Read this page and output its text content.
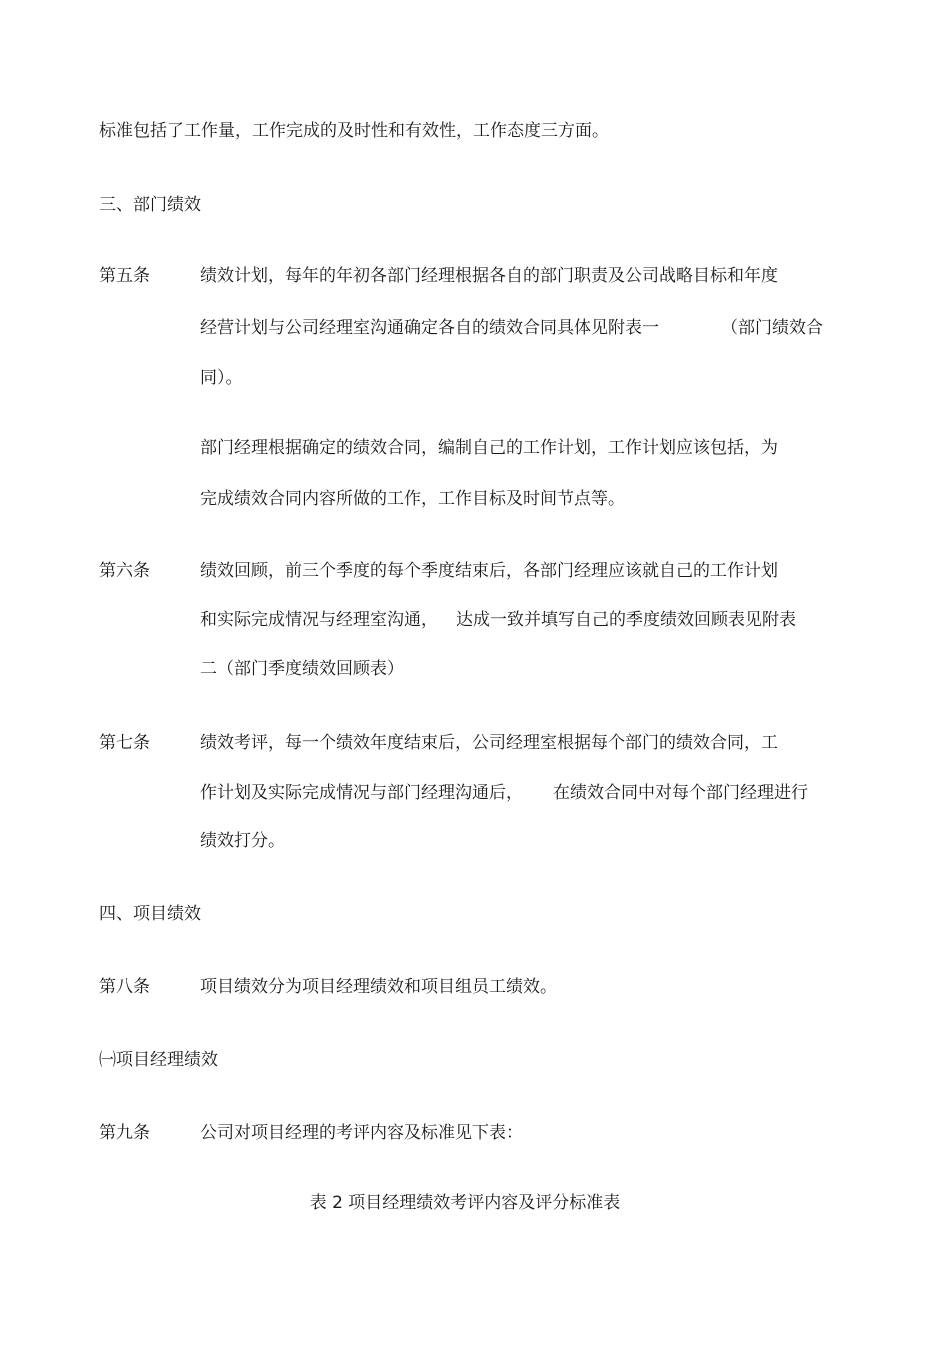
标准包括了工作量，工作完成的及时性和有效性，工作态度三方面。
三、部门绩效
第五条	绩效计划，每年的年初各部门经理根据各自的部门职责及公司战略目标和年度
经营计划与公司经理室沟通确定各自的绩效合同具体见附表一	（部门绩效合
同）。
部门经理根据确定的绩效合同，编制自己的工作计划，工作计划应该包括，为
完成绩效合同内容所做的工作，工作目标及时间节点等。
第六条	绩效回顾，前三个季度的每个季度结束后，各部门经理应该就自己的工作计划
和实际完成情况与经理室沟通， 达成一致并填写自己的季度绩效回顾表见附表
二（部门季度绩效回顾表）
第七条	绩效考评，每一个绩效年度结束后，公司经理室根据每个部门的绩效合同，工
作计划及实际完成情况与部门经理沟通后， 在绩效合同中对每个部门经理进行
绩效打分。
四、项目绩效
第八条	项目绩效分为项目经理绩效和项目组员工绩效。
㈠项目经理绩效
第九条	公司对项目经理的考评内容及标准见下表：
表 2 项目经理绩效考评内容及评分标准表
